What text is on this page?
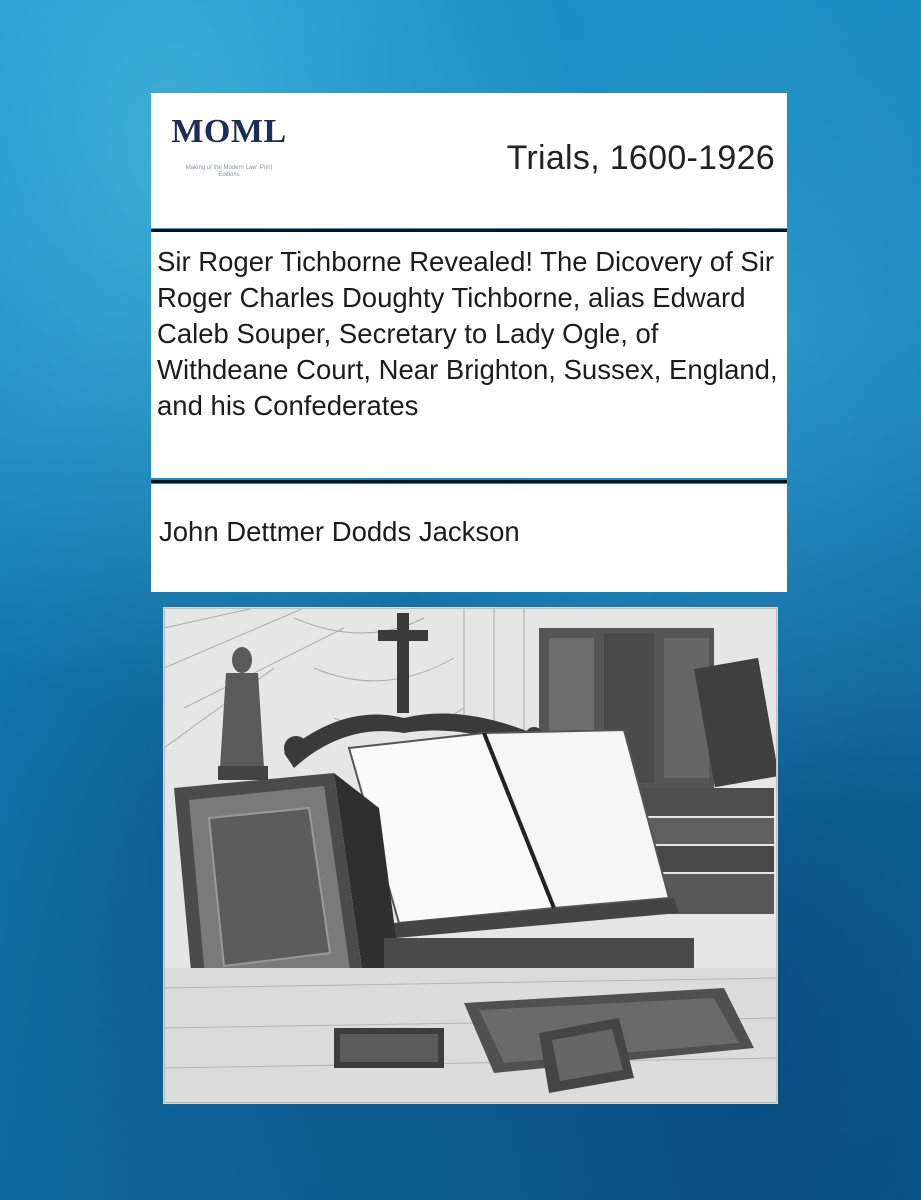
MOML
Making of the Modern Law: Print Editions	Trials, 1600-1926
Sir Roger Tichborne Revealed! The Dicovery of Sir Roger Charles Doughty Tichborne, alias Edward Caleb Souper, Secretary to Lady Ogle, of Withdeane Court, Near Brighton, Sussex, England, and his Confederates
John Dettmer Dodds Jackson
